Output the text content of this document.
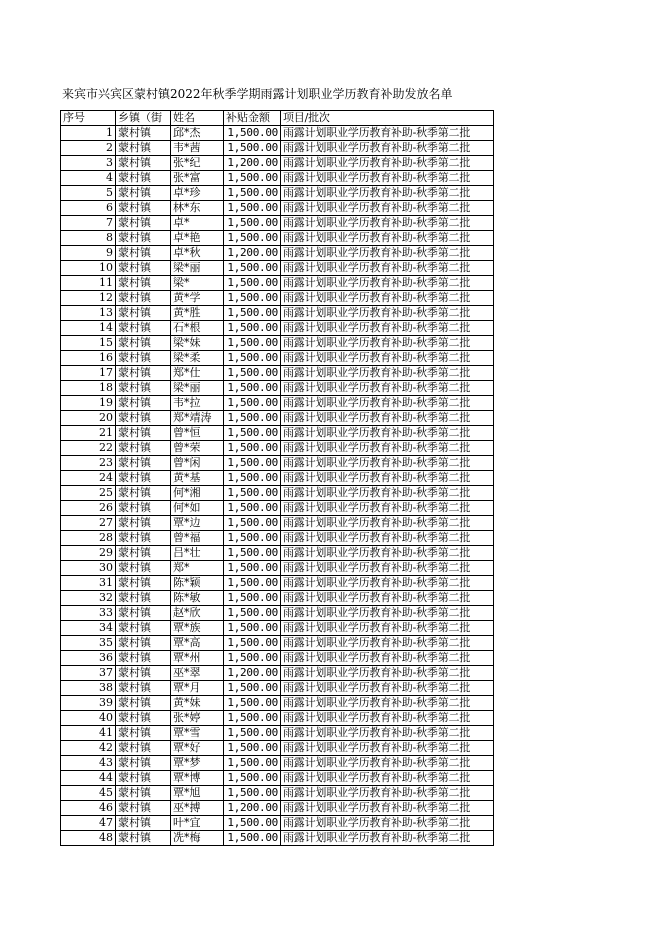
来宾市兴宾区蒙村镇2022年秋季学期雨露计划职业学历教育补助发放名单
序号	乡镇（街	姓名	补贴金额	项目/批次
1	蒙村镇	邱*杰	1,500.00	雨露计划职业学历教育补助-秋季第二批
2	蒙村镇	韦*茜	1,500.00	雨露计划职业学历教育补助-秋季第二批
3	蒙村镇	张*纪	1,200.00	雨露计划职业学历教育补助-秋季第二批
4	蒙村镇	张*富	1,500.00	雨露计划职业学历教育补助-秋季第二批
5	蒙村镇	卓*珍	1,500.00	雨露计划职业学历教育补助-秋季第二批
6	蒙村镇	林*东	1,500.00	雨露计划职业学历教育补助-秋季第二批
7	蒙村镇	卓*	1,500.00	雨露计划职业学历教育补助-秋季第二批
8	蒙村镇	卓*艳	1,500.00	雨露计划职业学历教育补助-秋季第二批
9	蒙村镇	卓*秋	1,200.00	雨露计划职业学历教育补助-秋季第二批
10	蒙村镇	梁*丽	1,500.00	雨露计划职业学历教育补助-秋季第二批
11	蒙村镇	梁*	1,500.00	雨露计划职业学历教育补助-秋季第二批
12	蒙村镇	黄*学	1,500.00	雨露计划职业学历教育补助-秋季第二批
13	蒙村镇	黄*胜	1,500.00	雨露计划职业学历教育补助-秋季第二批
14	蒙村镇	石*根	1,500.00	雨露计划职业学历教育补助-秋季第二批
15	蒙村镇	梁*妹	1,500.00	雨露计划职业学历教育补助-秋季第二批
16	蒙村镇	梁*柔	1,500.00	雨露计划职业学历教育补助-秋季第二批
17	蒙村镇	郑*仕	1,500.00	雨露计划职业学历教育补助-秋季第二批
18	蒙村镇	梁*丽	1,500.00	雨露计划职业学历教育补助-秋季第二批
19	蒙村镇	韦*拉	1,500.00	雨露计划职业学历教育补助-秋季第二批
20	蒙村镇	郑*靖涛	1,500.00	雨露计划职业学历教育补助-秋季第二批
21	蒙村镇	曾*恒	1,500.00	雨露计划职业学历教育补助-秋季第二批
22	蒙村镇	曾*荣	1,500.00	雨露计划职业学历教育补助-秋季第二批
23	蒙村镇	曾*闲	1,500.00	雨露计划职业学历教育补助-秋季第二批
24	蒙村镇	黄*基	1,500.00	雨露计划职业学历教育补助-秋季第二批
25	蒙村镇	何*湘	1,500.00	雨露计划职业学历教育补助-秋季第二批
26	蒙村镇	何*如	1,500.00	雨露计划职业学历教育补助-秋季第二批
27	蒙村镇	覃*边	1,500.00	雨露计划职业学历教育补助-秋季第二批
28	蒙村镇	曾*福	1,500.00	雨露计划职业学历教育补助-秋季第二批
29	蒙村镇	吕*壮	1,500.00	雨露计划职业学历教育补助-秋季第二批
30	蒙村镇	郑*	1,500.00	雨露计划职业学历教育补助-秋季第二批
31	蒙村镇	陈*颖	1,500.00	雨露计划职业学历教育补助-秋季第二批
32	蒙村镇	陈*敏	1,500.00	雨露计划职业学历教育补助-秋季第二批
33	蒙村镇	赵*欣	1,500.00	雨露计划职业学历教育补助-秋季第二批
34	蒙村镇	覃*族	1,500.00	雨露计划职业学历教育补助-秋季第二批
35	蒙村镇	覃*高	1,500.00	雨露计划职业学历教育补助-秋季第二批
36	蒙村镇	覃*州	1,500.00	雨露计划职业学历教育补助-秋季第二批
37	蒙村镇	巫*翠	1,200.00	雨露计划职业学历教育补助-秋季第二批
38	蒙村镇	覃*月	1,500.00	雨露计划职业学历教育补助-秋季第二批
39	蒙村镇	黄*妹	1,500.00	雨露计划职业学历教育补助-秋季第二批
40	蒙村镇	张*婷	1,500.00	雨露计划职业学历教育补助-秋季第二批
41	蒙村镇	覃*雪	1,500.00	雨露计划职业学历教育补助-秋季第二批
42	蒙村镇	覃*好	1,500.00	雨露计划职业学历教育补助-秋季第二批
43	蒙村镇	覃*梦	1,500.00	雨露计划职业学历教育补助-秋季第二批
44	蒙村镇	覃*博	1,500.00	雨露计划职业学历教育补助-秋季第二批
45	蒙村镇	覃*旭	1,500.00	雨露计划职业学历教育补助-秋季第二批
46	蒙村镇	巫*搏	1,200.00	雨露计划职业学历教育补助-秋季第二批
47	蒙村镇	叶*宜	1,500.00	雨露计划职业学历教育补助-秋季第二批
48	蒙村镇	冼*梅	1,500.00	雨露计划职业学历教育补助-秋季第二批
